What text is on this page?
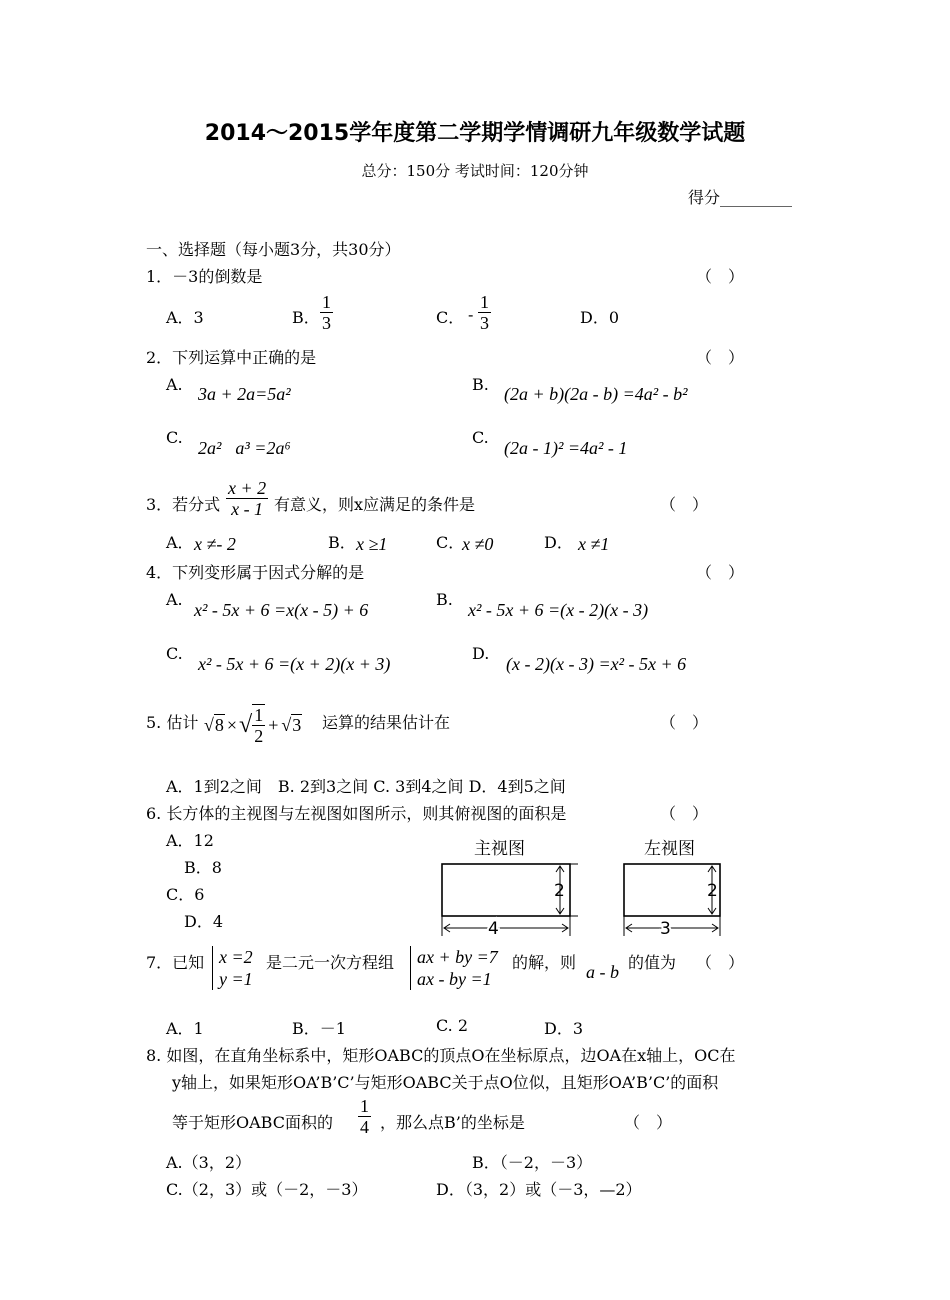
2014～2015学年度第二学期学情调研九年级数学试题
总分：150分 考试时间：120分钟
得分_________
一、选择题（每小题3分，共30分）
1．－3的倒数是	（　）
A．3	B． $\frac{1}{3}$	C． - $\frac{1}{3}$	D．0
2．下列运算中正确的是	（　）
A. 3a + 2a=5a²	B. (2a + b)(2a - b) =4a² - b²
C.
2a²⃞a³ =2a⁶
C.
(2a - 1)² =4a² - 1
3．若分式 $\frac{x + 2}{x - 1}$ 有意义，则x应满足的条件是	（　）
A． x ≠- 2	B． x ≥1	C．
x ≠0	D． x ≠1
4．下列变形属于因式分解的是	（　）
A.
x² - 5x + 6 =x(x - 5) + 6
B.
x² - 5x + 6 =(x - 2)(x - 3)
C.
x² - 5x + 6 =(x + 2)(x + 3)
D.
(x - 2)(x - 3) =x² - 5x + 6
5. 估计 √8 ×√ $\frac{1}{2} + √3$ 运算的结果估计在	（　）
A．1到2之间　B. 2到3之间 C. 3到4之间 D．4到5之间
6. 长方体的主视图与左视图如图所示，则其俯视图的面积是	（　）
A．12
B．8
C．6
D．4
主视图	左视图
2
4
2
3
7．已知 x =2
y =1
是二元一次方程组 ax + by =7
ax - by =1
的解，则 a - b 的值为 （　）
A．1	B．－1	C. 2	D．3
8. 如图，在直角坐标系中，矩形OABC的顶点O在坐标原点，边OA在x轴上，OC在
y轴上，如果矩形OA’B’C’与矩形OABC关于点O位似，且矩形OA’B’C’的面积
等于矩形OABC面积的 $\frac{1}{4}$ ，那么点B’的坐标是	（　）
A.（3，2）	B．（－2，－3）
C.（2，3）或（－2，－3）	D．（3，2）或（－3，—2）
